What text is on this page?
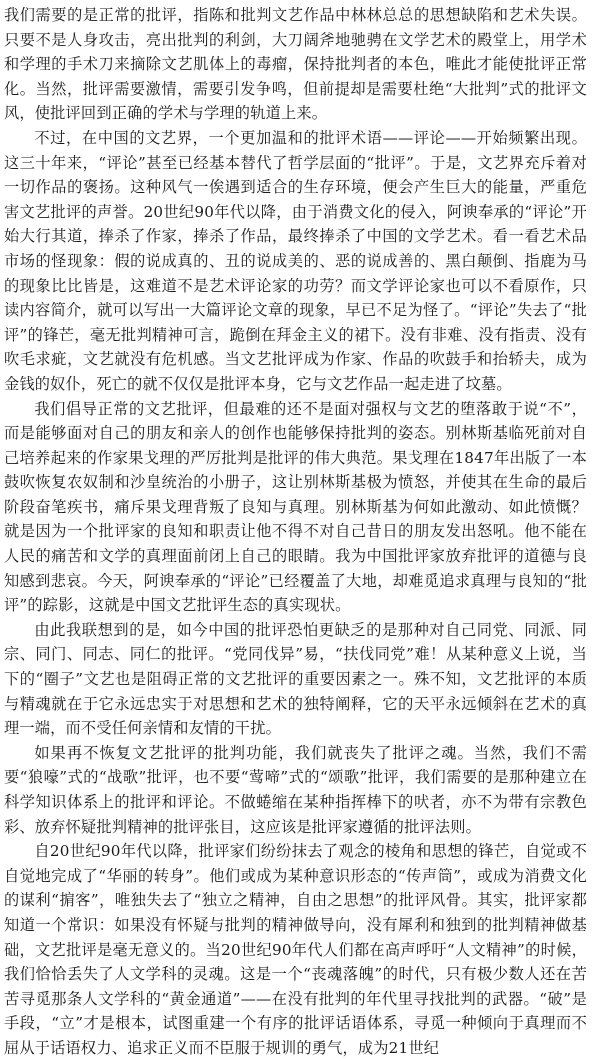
我们需要的是正常的批评，指陈和批判文艺作品中林林总总的思想缺陷和艺术失误。只要不是人身攻击，亮出批判的利剑，大刀阔斧地驰骋在文学艺术的殿堂上，用学术和学理的手术刀来摘除文艺肌体上的毒瘤，保持批判者的本色，唯此才能使批评正常化。当然，批评需要激情，需要引发争鸣，但前提却是需要杜绝“大批判”式的批评文风，使批评回到正确的学术与学理的轨道上来。

不过，在中国的文艺界，一个更加温和的批评术语——评论——开始频繁出现。这三十年来，“评论”甚至已经基本替代了哲学层面的“批评”。于是，文艺界充斥着对一切作品的褒扬。这种风气一俟遇到适合的生存环境，便会产生巨大的能量，严重危害文艺批评的声誉。20世纪90年代以降，由于消费文化的侵入，阿谀奉承的“评论”开始大行其道，捧杀了作家，捧杀了作品，最终捧杀了中国的文学艺术。看一看艺术品市场的怪现象：假的说成真的、丑的说成美的、恶的说成善的、黑白颠倒、指鹿为马的现象比比皆是，这难道不是艺术评论家的功劳？而文学评论家也可以不看原作，只读内容简介，就可以写出一大篇评论文章的现象，早已不足为怪了。“评论”失去了“批评”的锋芒，毫无批判精神可言，跪倒在拜金主义的裙下。没有非难、没有指责、没有吹毛求疵，文艺就没有危机感。当文艺批评成为作家、作品的吹鼓手和抬轿夫，成为金钱的奴仆，死亡的就不仅仅是批评本身，它与文艺作品一起走进了坟墓。

我们倡导正常的文艺批评，但最难的还不是面对强权与文艺的堕落敢于说“不”，而是能够面对自己的朋友和亲人的创作也能够保持批判的姿态。别林斯基临死前对自己培养起来的作家果戈理的严厉批判是批评的伟大典范。果戈理在1847年出版了一本鼓吹恢复农奴制和沙皇统治的小册子，这让别林斯基极为愤怒，并使其在生命的最后阶段奋笔疾书，痛斥果戈理背叛了良知与真理。别林斯基为何如此激动、如此愤慨？就是因为一个批评家的良知和职责让他不得不对自己昔日的朋友发出怒吼。他不能在人民的痛苦和文学的真理面前闭上自己的眼睛。我为中国批评家放弃批评的道德与良知感到悲哀。今天，阿谀奉承的“评论”已经覆盖了大地，却难觅追求真理与良知的“批评”的踪影，这就是中国文艺批评生态的真实现状。

由此我联想到的是，如今中国的批评恐怕更缺乏的是那种对自己同党、同派、同宗、同门、同志、同仁的批评。“党同伐异”易，“扶伐同党”难！从某种意义上说，当下的“圈子”文艺也是阻碍正常的文艺批评的重要因素之一。殊不知，文艺批评的本质与精魂就在于它永远忠实于对思想和艺术的独特阐释，它的天平永远倾斜在艺术的真理一端，而不受任何亲情和友情的干扰。

如果再不恢复文艺批评的批判功能，我们就丧失了批评之魂。当然，我们不需要“狼嚎”式的“战歌”批评，也不要“莺啼”式的“颂歌”批评，我们需要的是那种建立在科学知识体系上的批评和评论。不做蜷缩在某种指挥棒下的吠者，亦不为带有宗教色彩、放弃怀疑批判精神的批评张目，这应该是批评家遵循的批评法则。

自20世纪90年代以降，批评家们纷纷抹去了观念的棱角和思想的锋芒，自觉或不自觉地完成了“华丽的转身”。他们或成为某种意识形态的“传声筒”，或成为消费文化的谋利“掮客”，唯独失去了“独立之精神，自由之思想”的批评风骨。其实，批评家都知道一个常识：如果没有怀疑与批判的精神做导向，没有犀利和独到的批判精神做基础，文艺批评是毫无意义的。当20世纪90年代人们都在高声呼吁“人文精神”的时候，我们恰恰丢失了人文学科的灵魂。这是一个“丧魂落魄”的时代，只有极少数人还在苦苦寻觅那条人文学科的“黄金通道”——在没有批判的年代里寻找批判的武器。“破”是手段，“立”才是根本，试图重建一个有序的批评话语体系，寻觅一种倾向于真理而不屈从于话语权力、追求正义而不臣服于规训的勇气，成为21世纪
